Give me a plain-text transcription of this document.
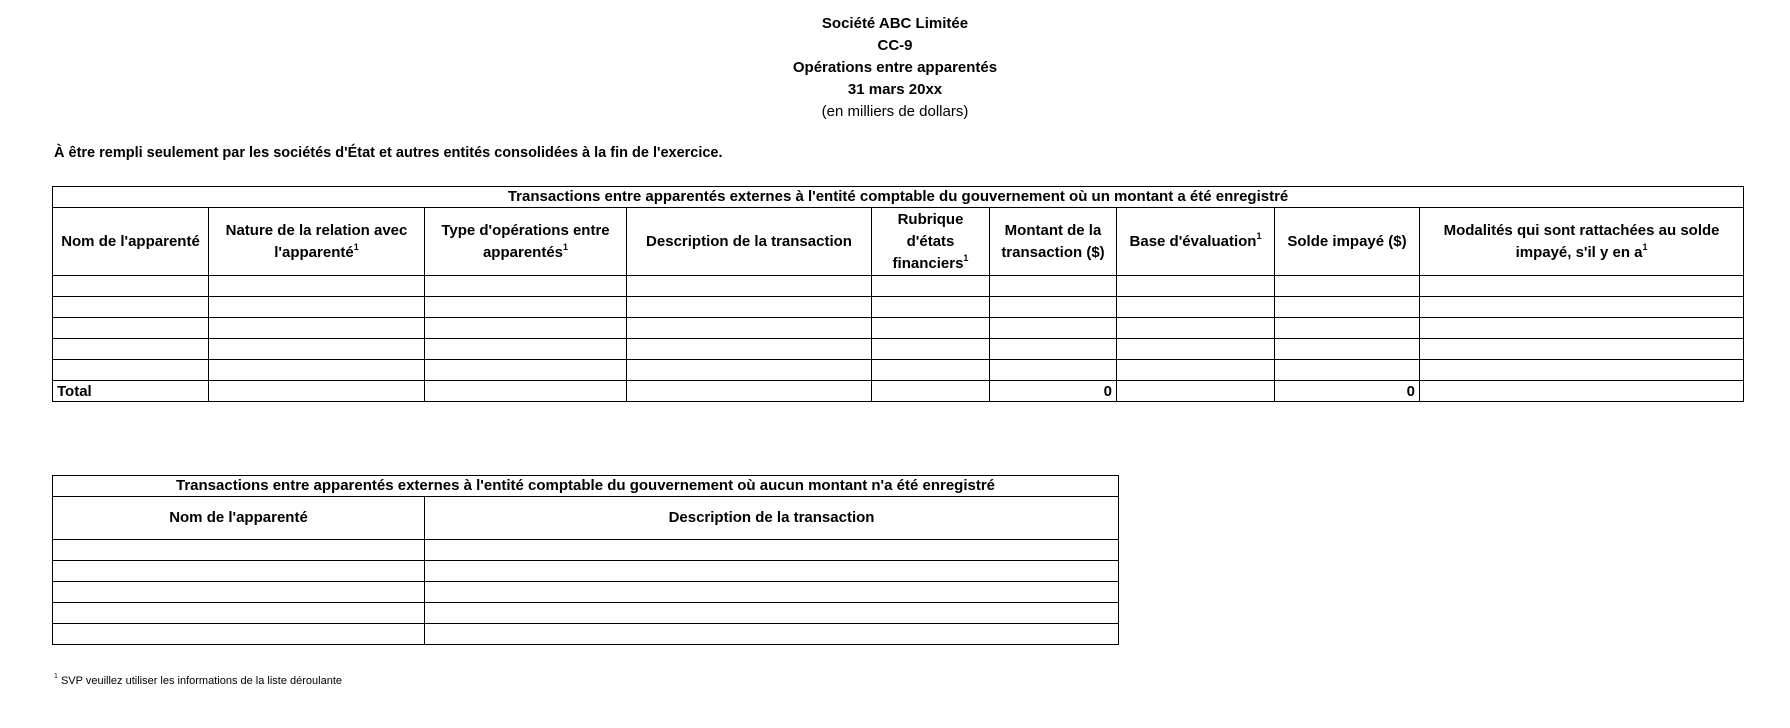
Société ABC Limitée
CC-9
Opérations entre apparentés
31 mars 20xx
(en milliers de dollars)
À être rempli seulement par les sociétés d'État et autres entités consolidées à la fin de l'exercice.
Transactions entre apparentés externes à l'entité comptable du gouvernement où un montant a été enregistré								
Nom de l'apparenté	Nature de la relation avec l'apparenté$^1$	Type d'opérations entre apparentés$^1$	Description de la transaction	Rubrique d'états financiers$^1$	Montant de la transaction ($)	Base d'évaluation$^1$	Solde impayé ($)	Modalités qui sont rattachées au solde impayé, s'il y en $a^1$

Total					0		0	
Transactions entre apparentés externes à l'entité comptable du gouvernement où aucun montant n'a été enregistré	
Nom de l'apparenté	Description de la transaction

$^1$ SVP veuillez utiliser les informations de la liste déroulante
